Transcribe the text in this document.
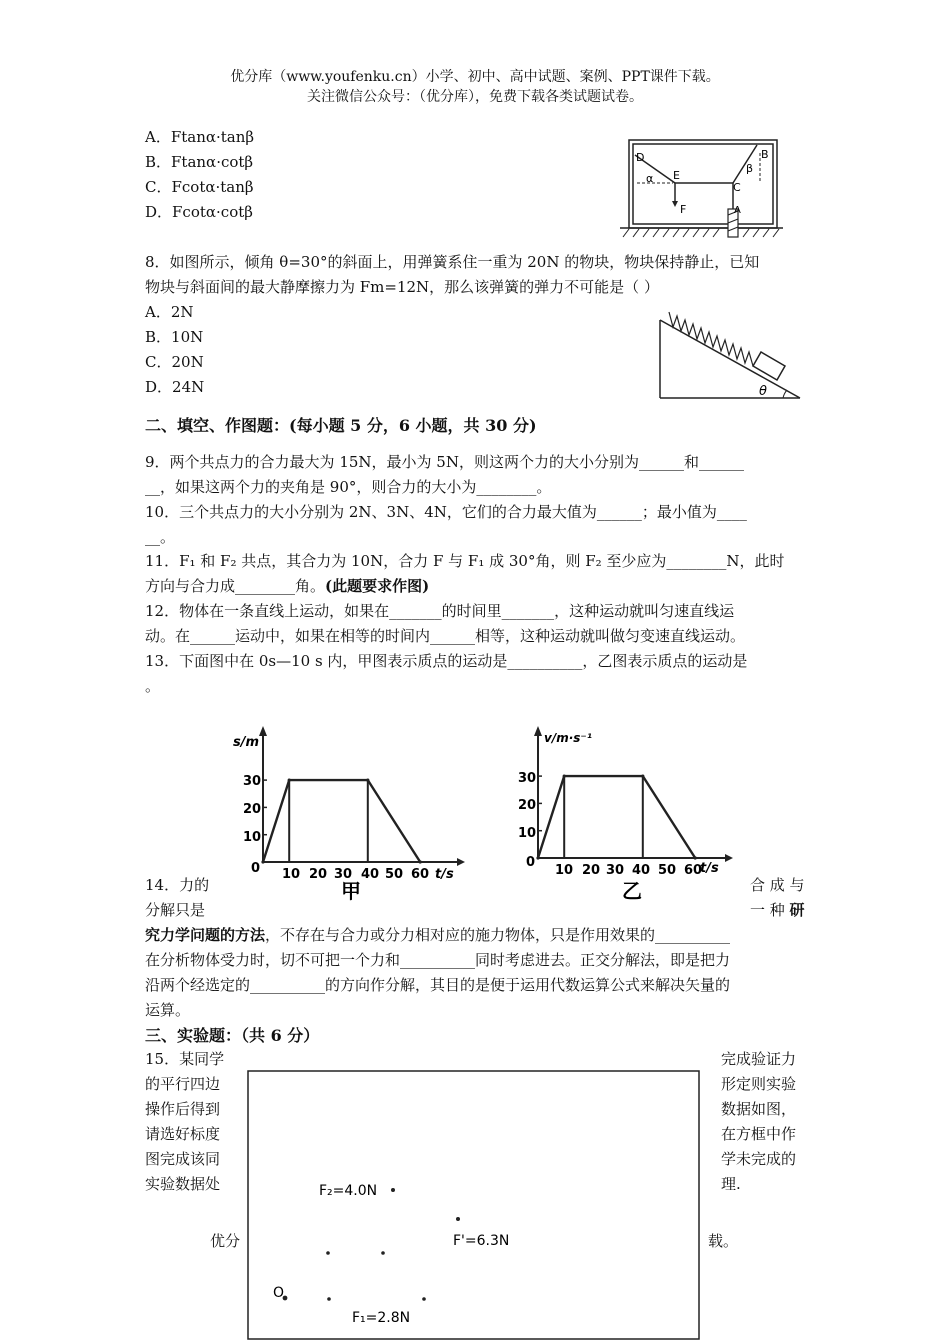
优分库（www.youfenku.cn）小学、初中、高中试题、案例、PPT课件下载。
关注微信公众号：（优分库），免费下载各类试题试卷。
A．Ftanα·tanβ
B．Ftanα·cotβ
C．Fcotα·tanβ
D．Fcotα·cotβ
D
E
F
C
A
B
α
β
8．如图所示，倾角 θ=30°的斜面上，用弹簧系住一重为 20N 的物块，物块保持静止，已知
物块与斜面间的最大静摩擦力为 Fm=12N，那么该弹簧的弹力不可能是（ ）
A．2N
B．10N
C．20N
D．24N	θ
二、填空、作图题：(每小题 5 分，6 小题，共 30 分)
9．两个共点力的合力最大为 15N，最小为 5N，则这两个力的大小分别为______和______
__，如果这两个力的夹角是 90°，则合力的大小为________。
10．三个共点力的大小分别为 2N、3N、4N，它们的合力最大值为______；最小值为____
__。
11．F₁ 和 F₂ 共点，其合力为 10N，合力 F 与 F₁ 成 30°角，则 F₂ 至少应为________N，此时
方向与合力成________角。(此题要求作图)
12．物体在一条直线上运动，如果在_______的时间里_______，这种运动就叫匀速直线运
动。在______运动中，如果在相等的时间内______相等，这种运动就叫做匀变速直线运动。
13．下面图中在 0s—10 s 内，甲图表示质点的运动是__________，乙图表示质点的运动是
。
s/m
t/s
甲
30
20
10
0 10 20 30 40 50 60
v/m·s⁻¹
t/s
乙
30
20
10
0
10 20 30 40 50 60
14．力的	合 成 与
分解只是	一 种 研
究力学问题的方法，不存在与合力或分力相对应的施力物体，只是作用效果的__________
在分析物体受力时，切不可把一个力和__________同时考虑进去。正交分解法，即是把力
沿两个经选定的__________的方向作分解，其目的是便于运用代数运算公式来解决矢量的
运算。
三、实验题：（共 6 分）
15．某同学
的平行四边
操作后得到
请选好标度
图完成该同
实验数据处
完成验证力
形定则实验
数据如图，
在方框中作
学未完成的
理.
优分	载。
F₂=4.0N
F'=6.3N
O
F₁=2.8N
